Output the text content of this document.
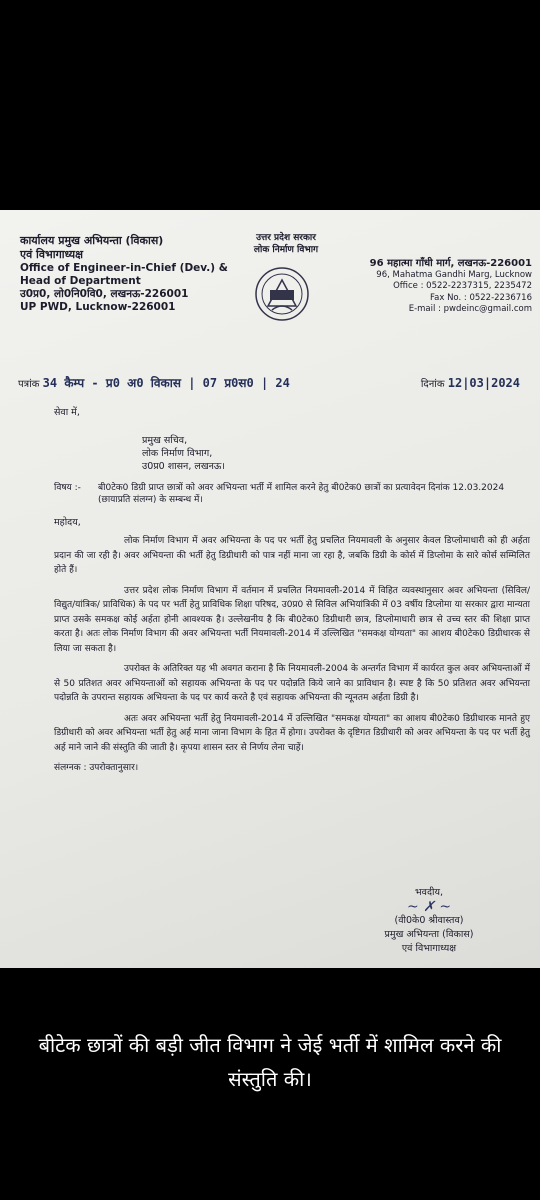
कार्यालय प्रमुख अभियन्ता (विकास)
एवं विभागाध्यक्ष
Office of Engineer-in-Chief (Dev.) &
Head of Department
उ0प्र0, लो0नि0वि0, लखनऊ-226001
UP PWD, Lucknow-226001
उत्तर प्रदेश सरकार
लोक निर्माण विभाग
96 महात्मा गाँधी मार्ग, लखनऊ-226001
96, Mahatma Gandhi Marg, Lucknow
Office : 0522-2237315, 2235472
Fax No. : 0522-2236716
E-mail : pwdeinc@gmail.com
पत्रांक 34 कैम्प - प्र0 अ0 विकास | 07 प्र0स0 | 24	दिनांक 12|03|2024
सेवा में,
प्रमुख सचिव,
लोक निर्माण विभाग,
उ0प्र0 शासन, लखनऊ।
विषय :- बी0टेक0 डिग्री प्राप्त छात्रों को अवर अभियन्ता भर्ती में शामिल करने हेतु बी0टेक0 छात्रों का प्रत्यावेदन दिनांक 12.03.2024 (छायाप्रति संलग्न) के सम्बन्ध में।
महोदय,

लोक निर्माण विभाग में अवर अभियन्ता के पद पर भर्ती हेतु प्रचलित नियमावली के अनुसार केवल डिप्लोमाधारी को ही अर्हता प्रदान की जा रही है। अवर अभियन्ता की भर्ती हेतु डिग्रीधारी को पात्र नहीं माना जा रहा है, जबकि डिग्री के कोर्स में डिप्लोमा के सारे कोर्स सम्मिलित होते हैं।

उत्तर प्रदेश लोक निर्माण विभाग में वर्तमान में प्रचलित नियमावली-2014 में विहित व्यवस्थानुसार अवर अभियन्ता (सिविल/विद्युत/यांत्रिक/ प्राविधिक) के पद पर भर्ती हेतु प्राविधिक शिक्षा परिषद, उ0प्र0 से सिविल अभियांत्रिकी में 03 वर्षीय डिप्लोमा या सरकार द्वारा मान्यता प्राप्त उसके समकक्ष कोई अर्हता होनी आवश्यक है। उल्लेखनीय है कि बी0टेक0 डिग्रीधारी छात्र, डिप्लोमाधारी छात्र से उच्च स्तर की शिक्षा प्राप्त करता है। अतः लोक निर्माण विभाग की अवर अभियन्ता भर्ती नियमावली-2014 में उल्लिखित "समकक्ष योग्यता" का आशय बी0टेक0 डिग्रीधारक से लिया जा सकता है।

उपरोक्त के अतिरिक्त यह भी अवगत कराना है कि नियमावली-2004 के अन्तर्गत विभाग में कार्यरत कुल अवर अभियन्ताओं में से 50 प्रतिशत अवर अभियन्ताओं को सहायक अभियन्ता के पद पर पदोन्नति किये जाने का प्राविधान है। स्पष्ट है कि 50 प्रतिशत अवर अभियन्ता पदोन्नति के उपरान्त सहायक अभियन्ता के पद पर कार्य करते है एवं सहायक अभियन्ता की न्यूनतम अर्हता डिग्री है।

अतः अवर अभियन्ता भर्ती हेतु नियमावली-2014 में उल्लिखित "समकक्ष योग्यता" का आशय बी0टेक0 डिग्रीधारक मानते हुए डिग्रीधारी को अवर अभियन्ता भर्ती हेतु अर्ह माना जाना विभाग के हित में होगा। उपरोक्त के दृष्टिगत डिग्रीधारी को अवर अभियन्ता के पद पर भर्ती हेतु अर्ह माने जाने की संस्तुति की जाती है। कृपया शासन स्तर से निर्णय लेना चाहें।

संलग्नक : उपरोक्तानुसार।

भवदीय,
~ ✗ ~
(वी0के0 श्रीवास्तव)
प्रमुख अभियन्ता (विकास)
एवं विभागाध्यक्ष
बीटेक छात्रों की बड़ी जीत विभाग ने जेई भर्ती में शामिल करने की संस्तुति की।
